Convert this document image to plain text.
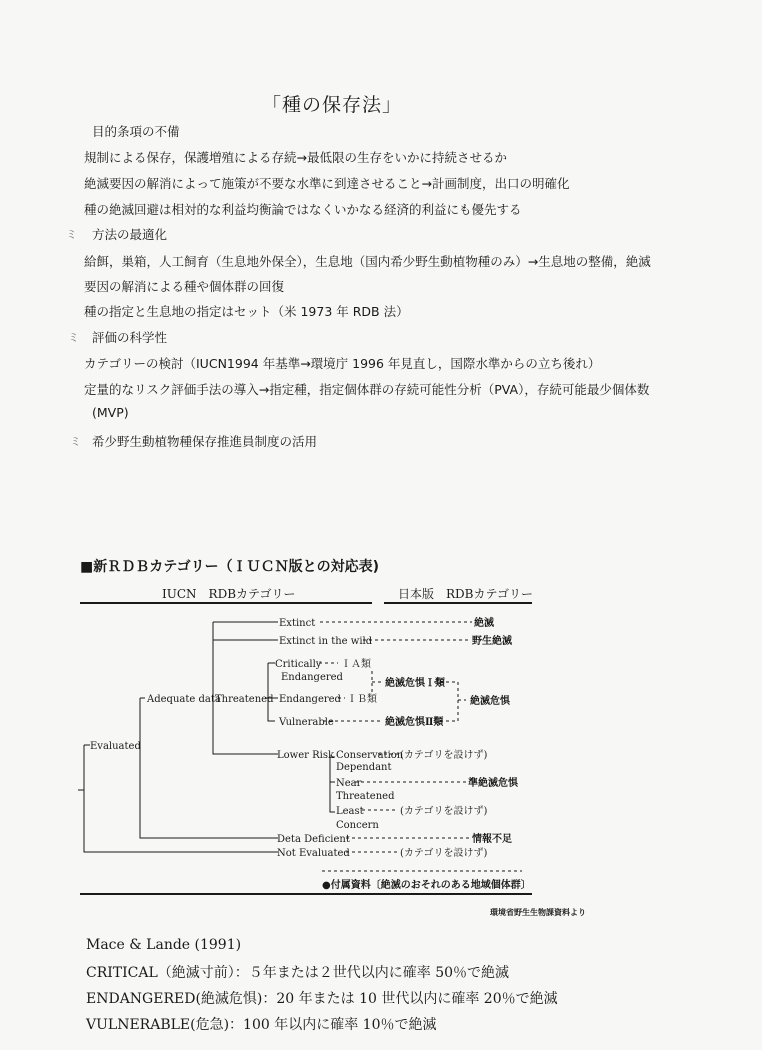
「種の保存法」
目的条項の不備
規制による保存，保護増殖による存続→最低限の生存をいかに持続させるか
絶滅要因の解消によって施策が不要な水準に到達させること→計画制度，出口の明確化
種の絶滅回避は相対的な利益均衡論ではなくいかなる経済的利益にも優先する
ミ 方法の最適化
給餌，巣箱，人工飼育（生息地外保全），生息地（国内希少野生動植物種のみ）→生息地の整備，絶滅
要因の解消による種や個体群の回復
種の指定と生息地の指定はセット（米 1973 年 RDB 法）
ミ 評価の科学性
カテゴリーの検討（IUCN1994 年基準→環境庁 1996 年見直し，国際水準からの立ち後れ）
定量的なリスク評価手法の導入→指定種，指定個体群の存続可能性分析（PVA），存続可能最少個体数
(MVP)
ミ 希少野生動植物種保存推進員制度の活用
■新ＲＤＢカテゴリー（ＩＵＣＮ版との対応表)
IUCN　RDBカテゴリー	日本版　RDBカテゴリー
Evaluated
Adequate data
Threatened
Extinct
Extinct in the wild
Critically
Endangered
Endangered
Vulnerable
Lower Risk Conservation
Dependant
Near
Threatened
Least
Concern
Deta Deficient
Not Evaluated
絶滅
野生絶滅
ＩＡ類
ＩＢ類
絶滅危惧Ｉ類
絶滅危惧
絶滅危惧Ⅱ類
(カテゴリを設けず)
準絶滅危惧
(カテゴリを設けず)
情報不足
(カテゴリを設けず)
●付属資料〔絶滅のおそれのある地域個体群〕
環境省野生生物課資料より
Mace & Lande (1991)
CRITICAL（絶滅寸前）：５年または２世代以内に確率 50％で絶滅
ENDANGERED(絶滅危惧)：20 年または 10 世代以内に確率 20％で絶滅
VULNERABLE(危急)：100 年以内に確率 10％で絶滅
